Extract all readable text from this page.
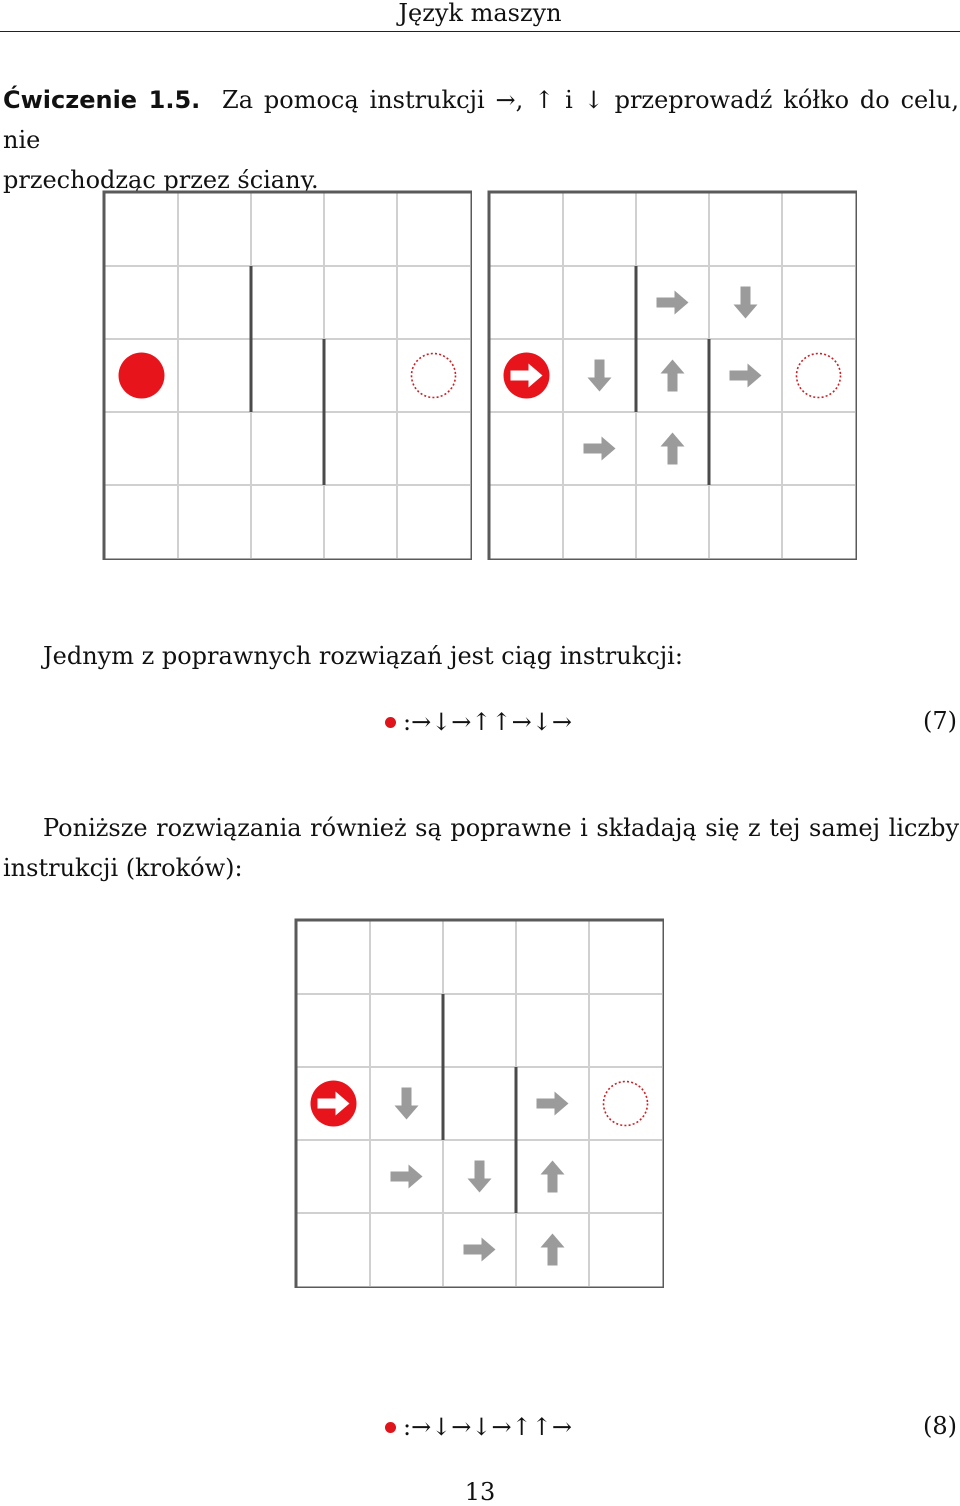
Język maszyn
Ćwiczenie 1.5. Za pomocą instrukcji →, ↑ i ↓ przeprowadź kółko do celu, nie
przechodząc przez ściany.
Jednym z poprawnych rozwiązań jest ciąg instrukcji:
:→↓→↑↑→↓→	(7)
Poniższe rozwiązania również są poprawne i składają się z tej samej liczby
instrukcji (kroków):
:→↓→↓→↑↑→	(8)
13
